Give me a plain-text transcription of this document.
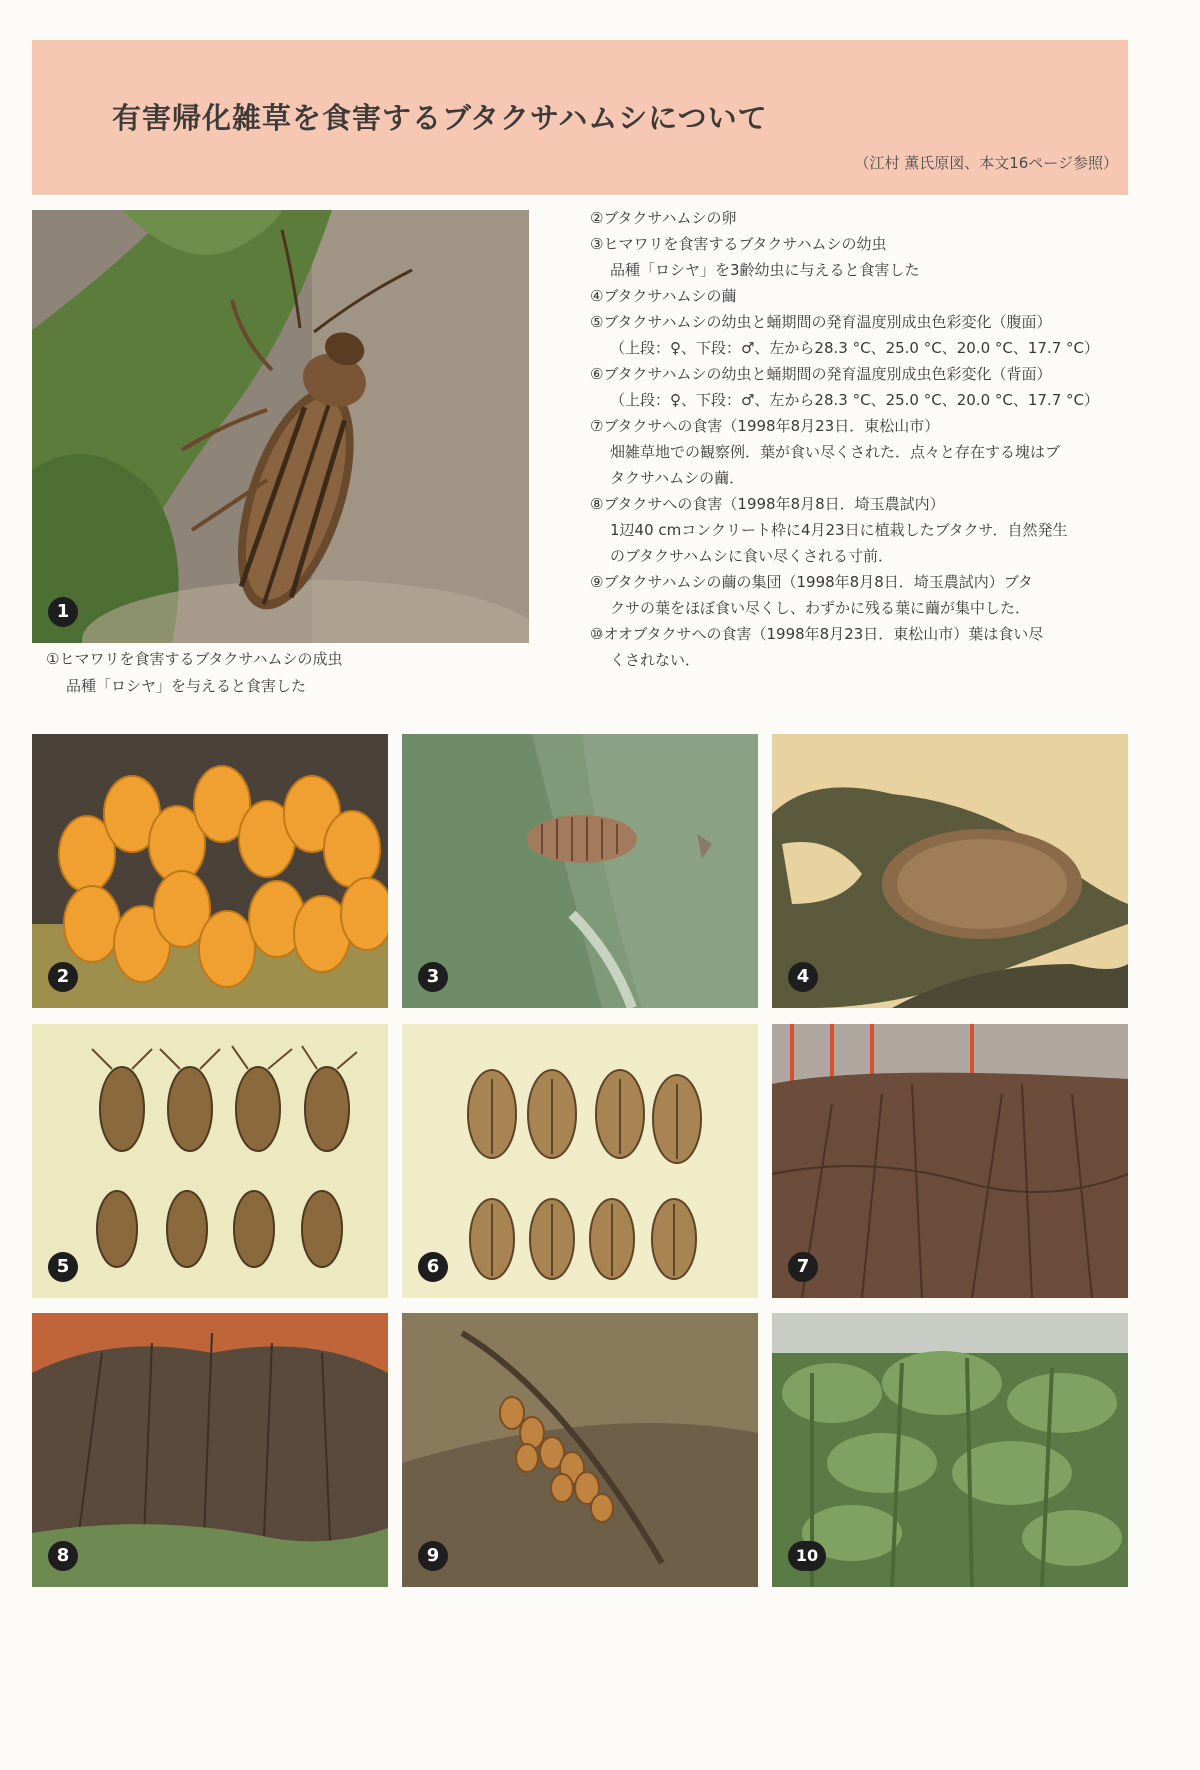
有害帰化雑草を食害するブタクサハムシについて
（江村 薫氏原図、本文16ページ参照）
1
①ヒマワリを食害するブタクサハムシの成虫
品種「ロシヤ」を与えると食害した
②ブタクサハムシの卵
③ヒマワリを食害するブタクサハムシの幼虫
品種「ロシヤ」を3齢幼虫に与えると食害した
④ブタクサハムシの繭
⑤ブタクサハムシの幼虫と蛹期間の発育温度別成虫色彩変化（腹面）
（上段：♀、下段：♂、左から28.3 °C、25.0 °C、20.0 °C、17.7 °C）
⑥ブタクサハムシの幼虫と蛹期間の発育温度別成虫色彩変化（背面）
（上段：♀、下段：♂、左から28.3 °C、25.0 °C、20.0 °C、17.7 °C）
⑦ブタクサへの食害（1998年8月23日．東松山市）
畑雑草地での観察例．葉が食い尽くされた．点々と存在する塊はブ
タクサハムシの繭．
⑧ブタクサへの食害（1998年8月8日．埼玉農試内）
1辺40 cmコンクリート枠に4月23日に植栽したブタクサ．自然発生
のブタクサハムシに食い尽くされる寸前．
⑨ブタクサハムシの繭の集団（1998年8月8日．埼玉農試内）ブタ
クサの葉をほぼ食い尽くし、わずかに残る葉に繭が集中した．
⑩オオブタクサへの食害（1998年8月23日．東松山市）葉は食い尽
くされない．
2	3	4
5	6	7
8	9	10
